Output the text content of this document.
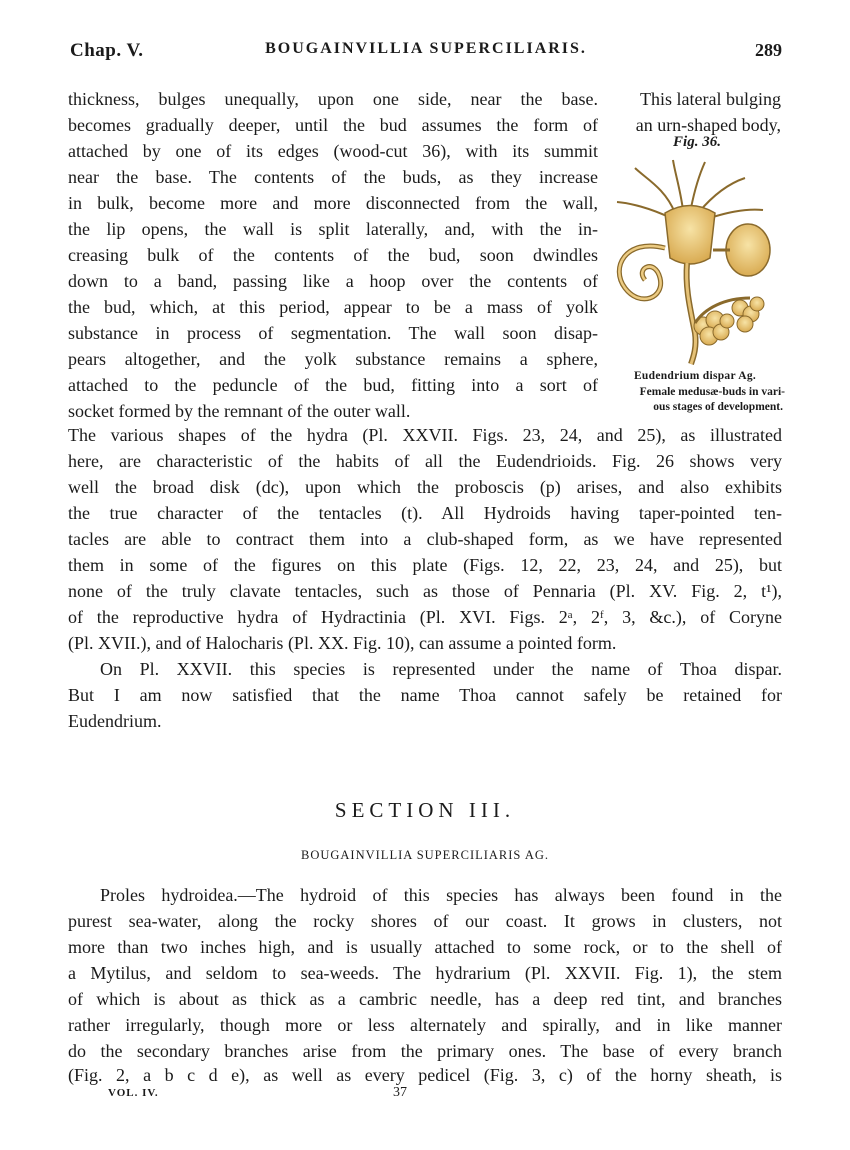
Chap. V.	BOUGAINVILLIA SUPERCILIARIS.	289
thickness, bulges unequally, upon one side, near the base.
becomes gradually deeper, until the bud assumes the form of
attached by one of its edges (wood-cut 36), with its summit
near the base. The contents of the buds, as they increase
in bulk, become more and more disconnected from the wall,
the lip opens, the wall is split laterally, and, with the in-
creasing bulk of the contents of the bud, soon dwindles
down to a band, passing like a hoop over the contents of
the bud, which, at this period, appear to be a mass of yolk
substance in process of segmentation. The wall soon disap-
pears altogether, and the yolk substance remains a sphere,
attached to the peduncle of the bud, fitting into a sort of
socket formed by the remnant of the outer wall.
This lateral bulging
an urn-shaped body,
Fig. 36.
Eudendrium dispar Ag.
Female medusæ-buds in vari-
ous stages of development.
The various shapes of the hydra (Pl. XXVII. Figs. 23, 24, and 25), as illustrated
here, are characteristic of the habits of all the Eudendrioids. Fig. 26 shows very
well the broad disk (dc), upon which the proboscis (p) arises, and also exhibits
the true character of the tentacles (t). All Hydroids having taper-pointed ten-
tacles are able to contract them into a club-shaped form, as we have represented
them in some of the figures on this plate (Figs. 12, 22, 23, 24, and 25), but
none of the truly clavate tentacles, such as those of Pennaria (Pl. XV. Fig. 2, t¹),
of the reproductive hydra of Hydractinia (Pl. XVI. Figs. 2ᵃ, 2ᶠ, 3, &c.), of Coryne
(Pl. XVII.), and of Halocharis (Pl. XX. Fig. 10), can assume a pointed form.
On Pl. XXVII. this species is represented under the name of Thoa dispar.
But I am now satisfied that the name Thoa cannot safely be retained for
Eudendrium.
SECTION III.
BOUGAINVILLIA SUPERCILIARIS AG.
Proles hydroidea.—The hydroid of this species has always been found in the
purest sea-water, along the rocky shores of our coast. It grows in clusters, not
more than two inches high, and is usually attached to some rock, or to the shell of
a Mytilus, and seldom to sea-weeds. The hydrarium (Pl. XXVII. Fig. 1), the stem
of which is about as thick as a cambric needle, has a deep red tint, and branches
rather irregularly, though more or less alternately and spirally, and in like manner
do the secondary branches arise from the primary ones. The base of every branch
(Fig. 2, a b c d e), as well as every pedicel (Fig. 3, c) of the horny sheath, is
VOL. IV.	37
